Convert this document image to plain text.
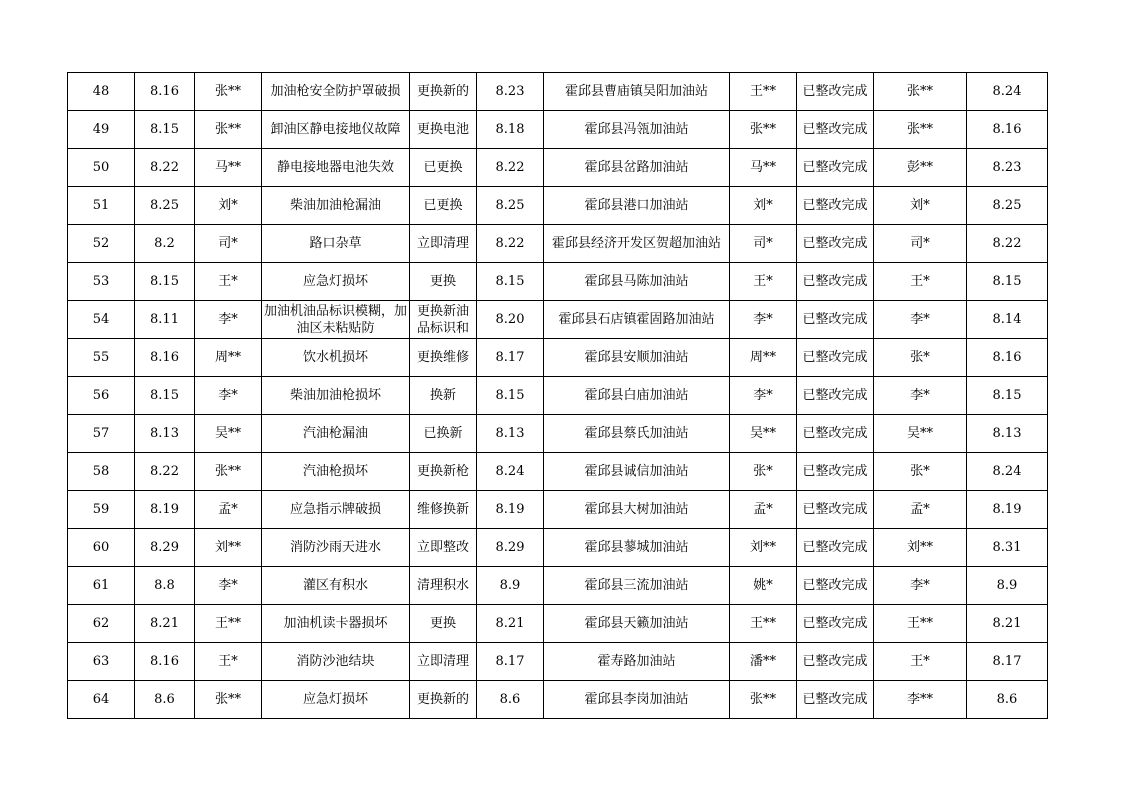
48	8.16	张**	加油枪安全防护罩破损	更换新的	8.23	霍邱县曹庙镇吴阳加油站	王**	已整改完成	张**	8.24
49	8.15	张**	卸油区静电接地仪故障	更换电池	8.18	霍邱县冯瓴加油站	张**	已整改完成	张**	8.16
50	8.22	马**	静电接地器电池失效	已更换	8.22	霍邱县岔路加油站	马**	已整改完成	彭**	8.23
51	8.25	刘*	柴油加油枪漏油	已更换	8.25	霍邱县港口加油站	刘*	已整改完成	刘*	8.25
52	8.2	司*	路口杂草	立即清理	8.22	霍邱县经济开发区贺超加油站	司*	已整改完成	司*	8.22
53	8.15	王*	应急灯损坏	更换	8.15	霍邱县马陈加油站	王*	已整改完成	王*	8.15
54	8.11	李*	加油机油品标识模糊，加油区未粘贴防	更换新油品标识和	8.20	霍邱县石店镇霍固路加油站	李*	已整改完成	李*	8.14
55	8.16	周**	饮水机损坏	更换维修	8.17	霍邱县安顺加油站	周**	已整改完成	张*	8.16
56	8.15	李*	柴油加油枪损坏	换新	8.15	霍邱县白庙加油站	李*	已整改完成	李*	8.15
57	8.13	吴**	汽油枪漏油	已换新	8.13	霍邱县蔡氏加油站	吴**	已整改完成	吴**	8.13
58	8.22	张**	汽油枪损坏	更换新枪	8.24	霍邱县诚信加油站	张*	已整改完成	张*	8.24
59	8.19	孟*	应急指示牌破损	维修换新	8.19	霍邱县大树加油站	孟*	已整改完成	孟*	8.19
60	8.29	刘**	消防沙雨天进水	立即整改	8.29	霍邱县蓼城加油站	刘**	已整改完成	刘**	8.31
61	8.8	李*	灌区有积水	清理积水	8.9	霍邱县三流加油站	姚*	已整改完成	李*	8.9
62	8.21	王**	加油机读卡器损坏	更换	8.21	霍邱县天籁加油站	王**	已整改完成	王**	8.21
63	8.16	王*	消防沙池结块	立即清理	8.17	霍寿路加油站	潘**	已整改完成	王*	8.17
64	8.6	张**	应急灯损坏	更换新的	8.6	霍邱县李岗加油站	张**	已整改完成	李**	8.6
